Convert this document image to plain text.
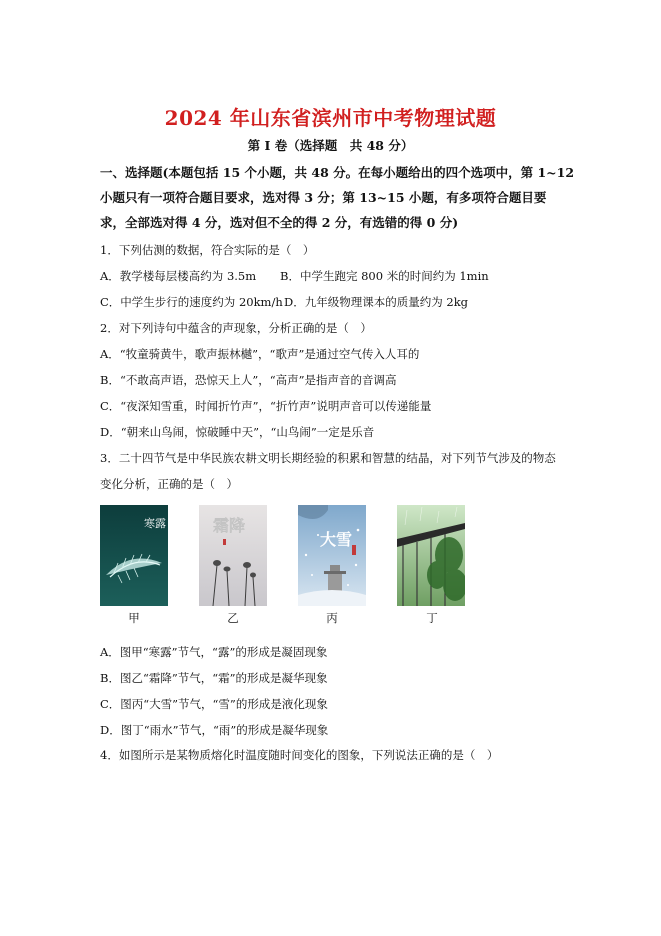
2024 年山东省滨州市中考物理试题
第 I 卷（选择题　共 48 分）
一、选择题(本题包括 15 个小题，共 48 分。在每小题给出的四个选项中，第 1~12
小题只有一项符合题目要求，选对得 3 分；第 13~15 小题，有多项符合题目要
求，全部选对得 4 分，选对但不全的得 2 分，有选错的得 0 分)
1．下列估测的数据，符合实际的是（　）
A．教学楼每层楼高约为 3.5m B．中学生跑完 800 米的时间约为 1min
C．中学生步行的速度约为 20km/h D．九年级物理课本的质量约为 2kg
2．对下列诗句中蕴含的声现象，分析正确的是（　）
A．“牧童骑黄牛，歌声振林樾”，“歌声”是通过空气传入人耳的
B．“不敢高声语，恐惊天上人”，“高声”是指声音的音调高
C．“夜深知雪重，时闻折竹声”，“折竹声”说明声音可以传递能量
D．“朝来山鸟闹，惊破睡中天”，“山鸟闹”一定是乐音
3．二十四节气是中华民族农耕文明长期经验的积累和智慧的结晶，对下列节气涉及的物态
变化分析，正确的是（　）
寒露	霜降
大雪
甲	乙	丙	丁
A．图甲“寒露”节气，“露”的形成是凝固现象
B．图乙“霜降”节气，“霜”的形成是凝华现象
C．图丙“大雪”节气，“雪”的形成是液化现象
D．图丁“雨水”节气，“雨”的形成是凝华现象
4．如图所示是某物质熔化时温度随时间变化的图象，下列说法正确的是（　）
